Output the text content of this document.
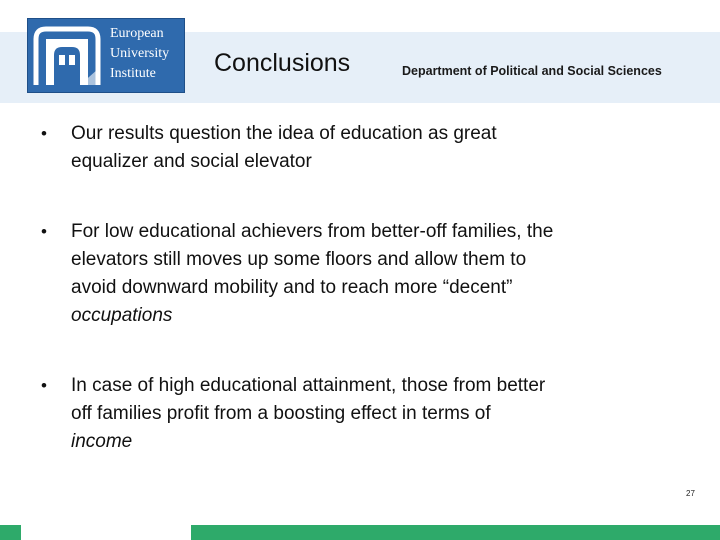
European
University
Institute	Conclusions	Department of Political and Social Sciences
•	Our results question the idea of education as great
equalizer and social elevator
•	For low educational achievers from better-off families, the
elevators still moves up some floors and allow them to
avoid downward mobility and to reach more “decent”
occupations
•	In case of high educational attainment, those from better
off families profit from a boosting effect in terms of
income
27
